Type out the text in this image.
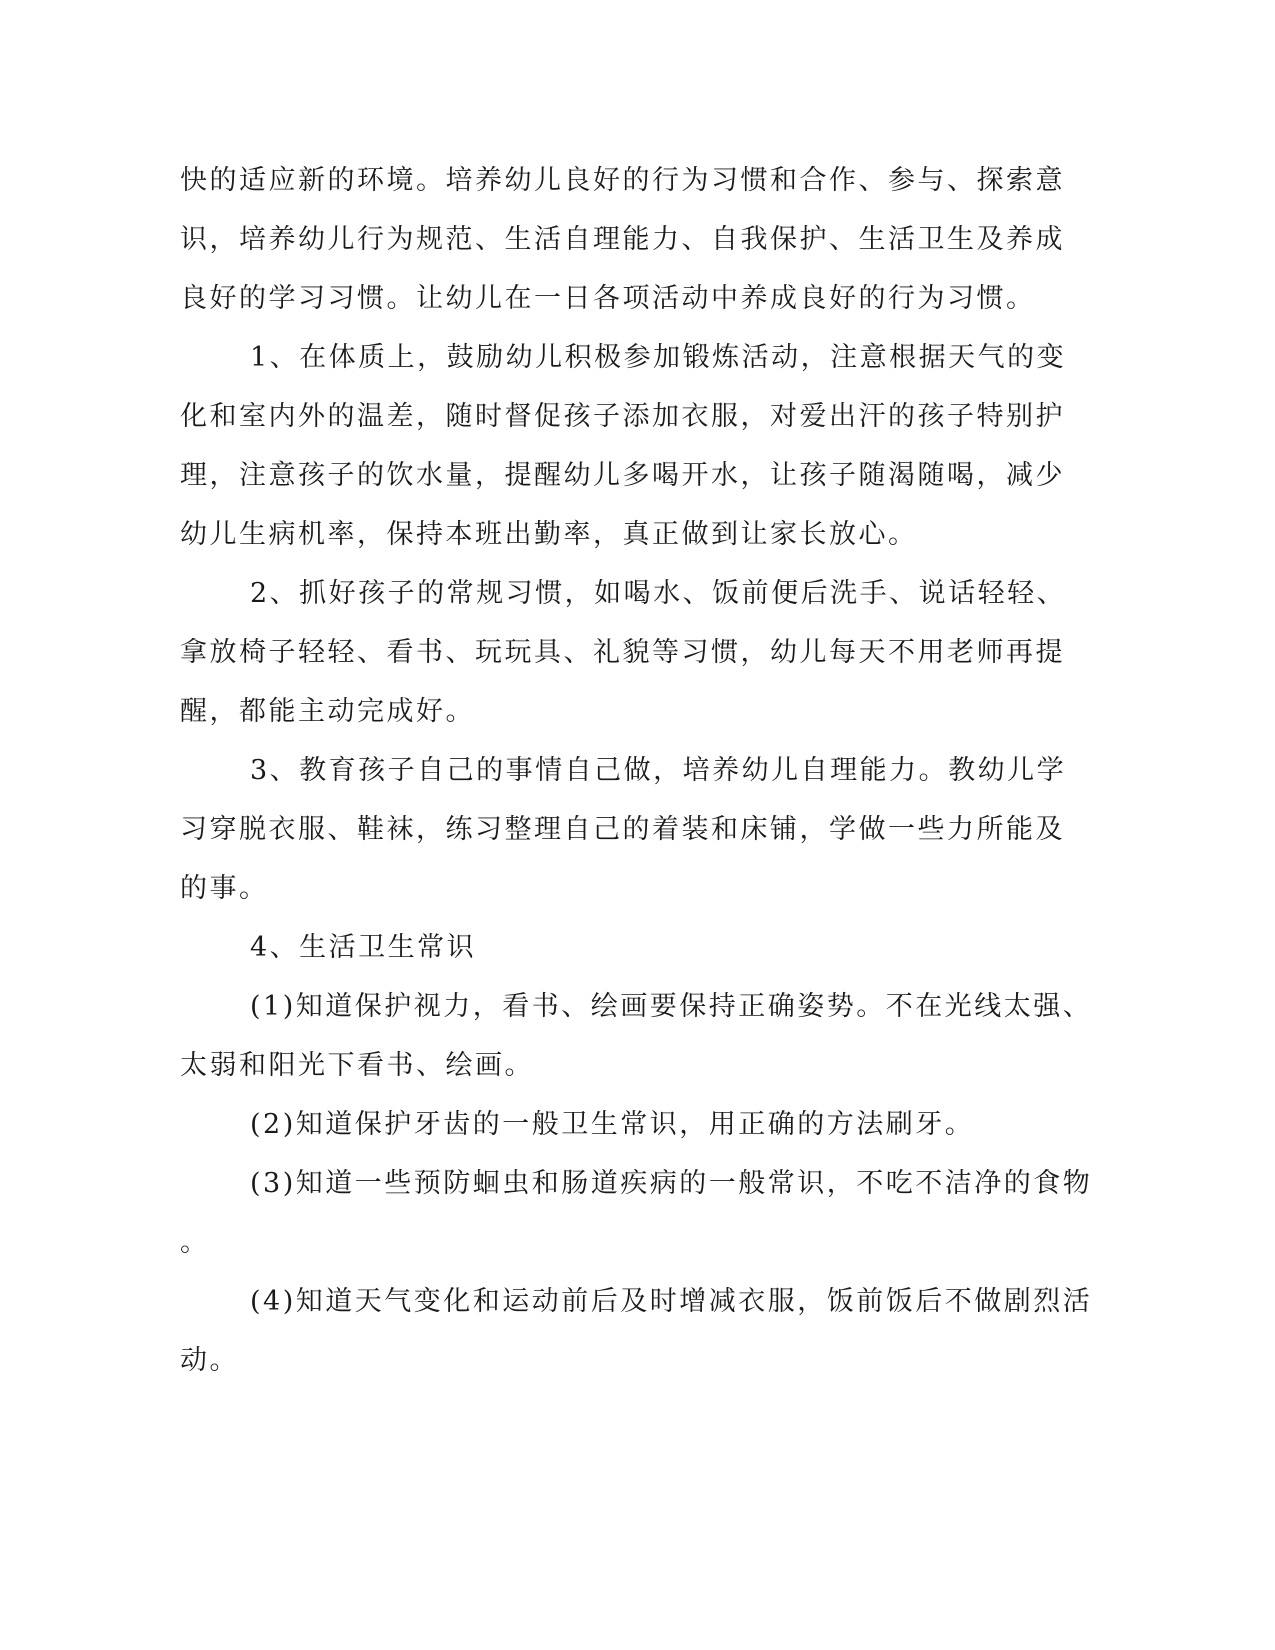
快的适应新的环境。培养幼儿良好的行为习惯和合作、参与、探索意
识，培养幼儿行为规范、生活自理能力、自我保护、生活卫生及养成
良好的学习习惯。让幼儿在一日各项活动中养成良好的行为习惯。
1、在体质上，鼓励幼儿积极参加锻炼活动，注意根据天气的变
化和室内外的温差，随时督促孩子添加衣服，对爱出汗的孩子特别护
理，注意孩子的饮水量，提醒幼儿多喝开水，让孩子随渴随喝，减少
幼儿生病机率，保持本班出勤率，真正做到让家长放心。
2、抓好孩子的常规习惯，如喝水、饭前便后洗手、说话轻轻、
拿放椅子轻轻、看书、玩玩具、礼貌等习惯，幼儿每天不用老师再提
醒，都能主动完成好。
3、教育孩子自己的事情自己做，培养幼儿自理能力。教幼儿学
习穿脱衣服、鞋袜，练习整理自己的着装和床铺，学做一些力所能及
的事。
4、生活卫生常识
(1)知道保护视力，看书、绘画要保持正确姿势。不在光线太强、
太弱和阳光下看书、绘画。
(2)知道保护牙齿的一般卫生常识，用正确的方法刷牙。
(3)知道一些预防蛔虫和肠道疾病的一般常识，不吃不洁净的食物
。
(4)知道天气变化和运动前后及时增减衣服，饭前饭后不做剧烈活
动。
